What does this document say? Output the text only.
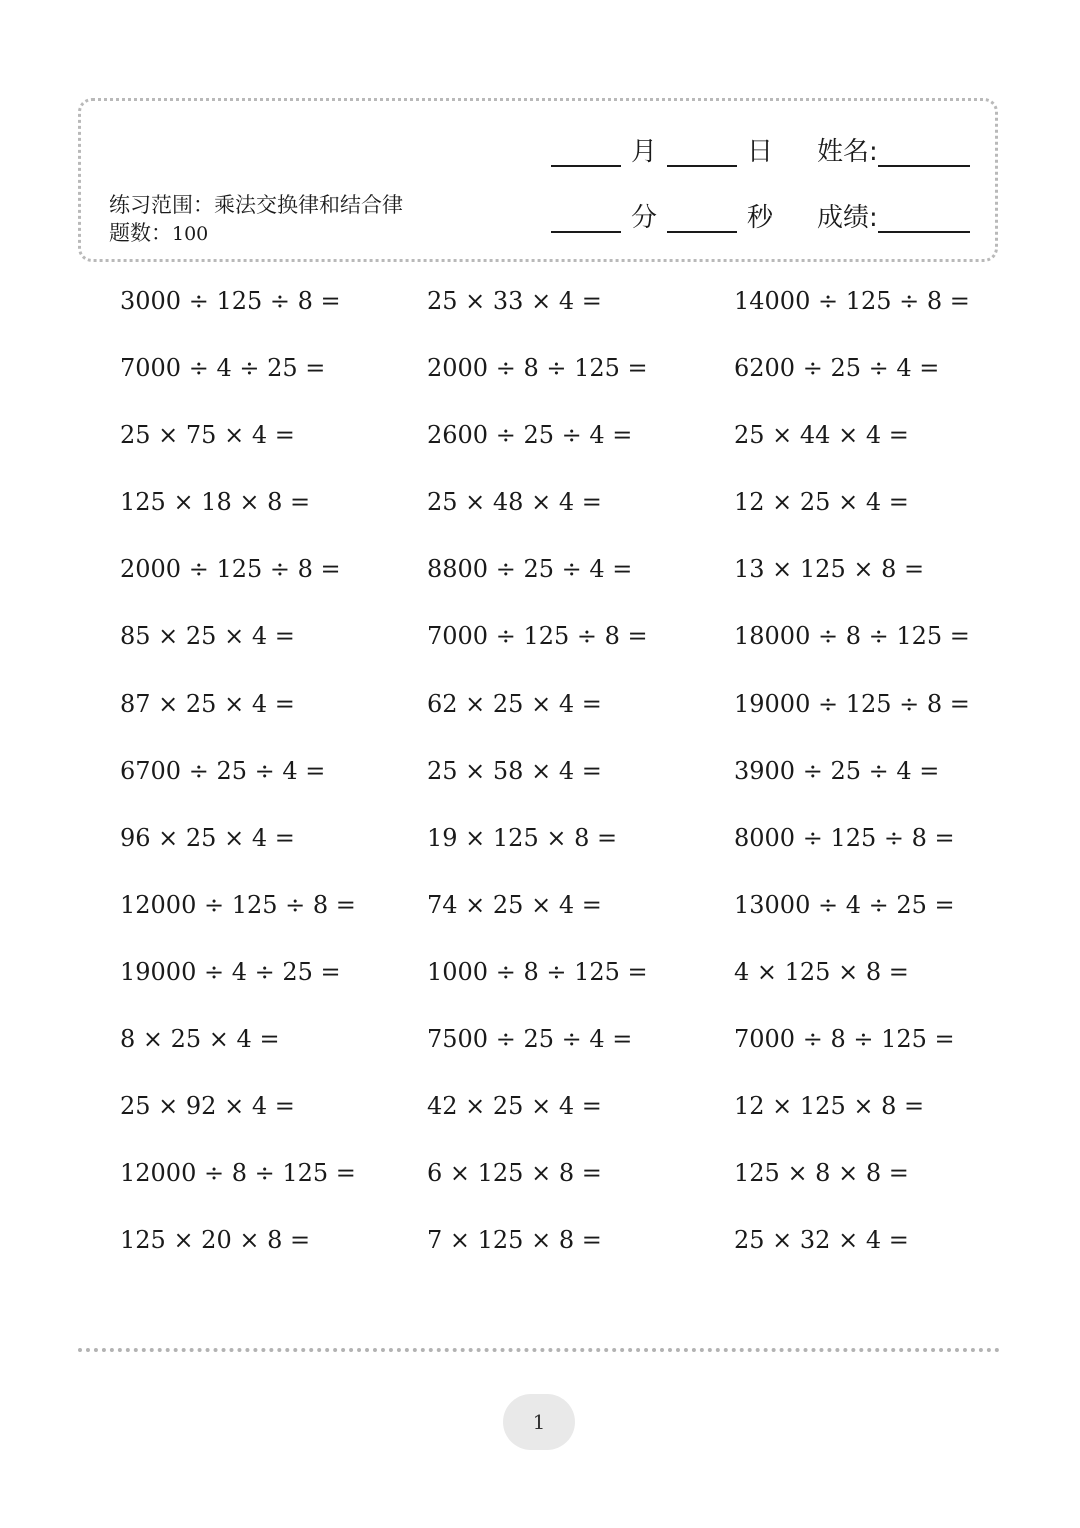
月	日 姓名:
分	秒 成绩:
练习范围：乘法交换律和结合律 题数：100
3000 ÷ 125 ÷ 8 =	25 × 33 × 4 =	14000 ÷ 125 ÷ 8 =
7000 ÷ 4 ÷ 25 =	2000 ÷ 8 ÷ 125 =	6200 ÷ 25 ÷ 4 =
25 × 75 × 4 =	2600 ÷ 25 ÷ 4 =	25 × 44 × 4 =
125 × 18 × 8 =	25 × 48 × 4 =	12 × 25 × 4 =
2000 ÷ 125 ÷ 8 =	8800 ÷ 25 ÷ 4 =	13 × 125 × 8 =
85 × 25 × 4 =	7000 ÷ 125 ÷ 8 =	18000 ÷ 8 ÷ 125 =
87 × 25 × 4 =	62 × 25 × 4 =	19000 ÷ 125 ÷ 8 =
6700 ÷ 25 ÷ 4 =	25 × 58 × 4 =	3900 ÷ 25 ÷ 4 =
96 × 25 × 4 =	19 × 125 × 8 =	8000 ÷ 125 ÷ 8 =
12000 ÷ 125 ÷ 8 =	74 × 25 × 4 =	13000 ÷ 4 ÷ 25 =
19000 ÷ 4 ÷ 25 =	1000 ÷ 8 ÷ 125 =	4 × 125 × 8 =
8 × 25 × 4 =	7500 ÷ 25 ÷ 4 =	7000 ÷ 8 ÷ 125 =
25 × 92 × 4 =	42 × 25 × 4 =	12 × 125 × 8 =
12000 ÷ 8 ÷ 125 =	6 × 125 × 8 =	125 × 8 × 8 =
125 × 20 × 8 =	7 × 125 × 8 =	25 × 32 × 4 =
1
